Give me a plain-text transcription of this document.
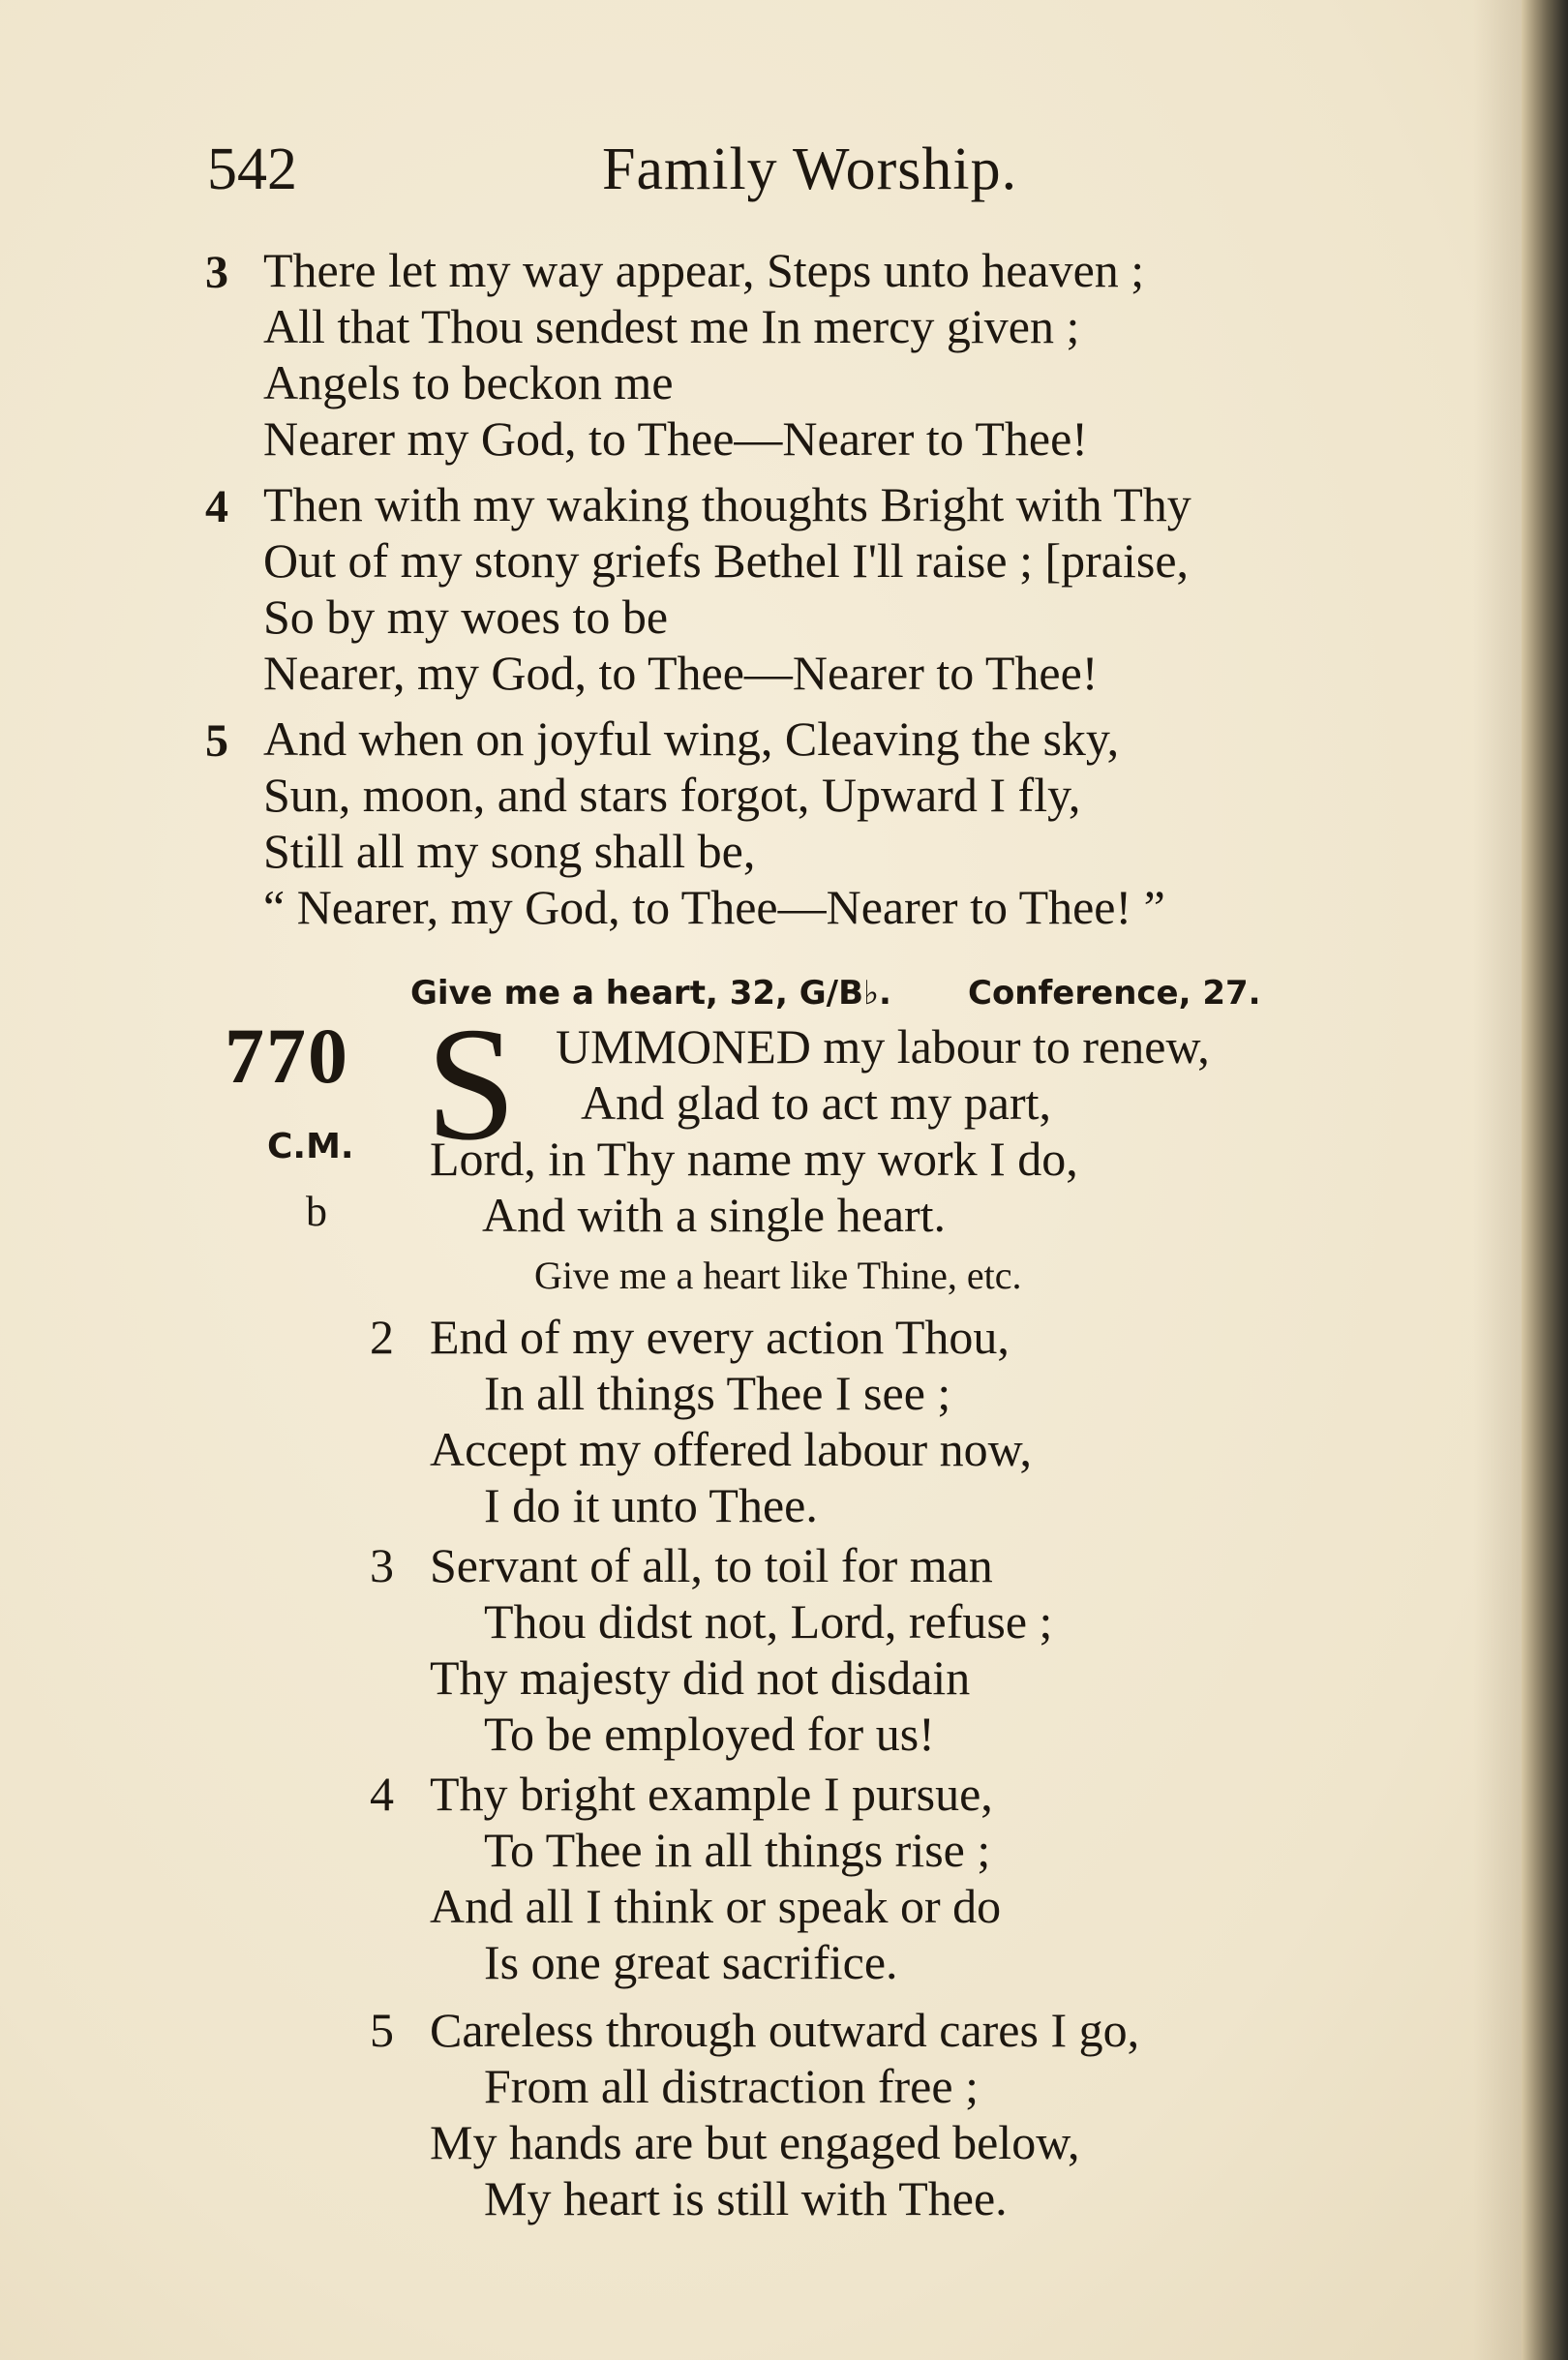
542	Family Worship.
3 There let my way appear, Steps unto heaven ;
All that Thou sendest me In mercy given ;
Angels to beckon me
Nearer my God, to Thee—Nearer to Thee!
4 Then with my waking thoughts Bright with Thy
Out of my stony griefs Bethel I'll raise ; [praise,
So by my woes to be
Nearer, my God, to Thee—Nearer to Thee!
5 And when on joyful wing, Cleaving the sky,
Sun, moon, and stars forgot, Upward I fly,
Still all my song shall be,
“ Nearer, my God, to Thee—Nearer to Thee! ”
Give me a heart, 32, G/B♭. Conference, 27.
770
C.M.
b
S UMMONED my labour to renew,
And glad to act my part,
Lord, in Thy name my work I do,
And with a single heart.
Give me a heart like Thine, etc.
2 End of my every action Thou,
In all things Thee I see ;
Accept my offered labour now,
I do it unto Thee.
3 Servant of all, to toil for man
Thou didst not, Lord, refuse ;
Thy majesty did not disdain
To be employed for us!
4 Thy bright example I pursue,
To Thee in all things rise ;
And all I think or speak or do
Is one great sacrifice.
5 Careless through outward cares I go,
From all distraction free ;
My hands are but engaged below,
My heart is still with Thee.
